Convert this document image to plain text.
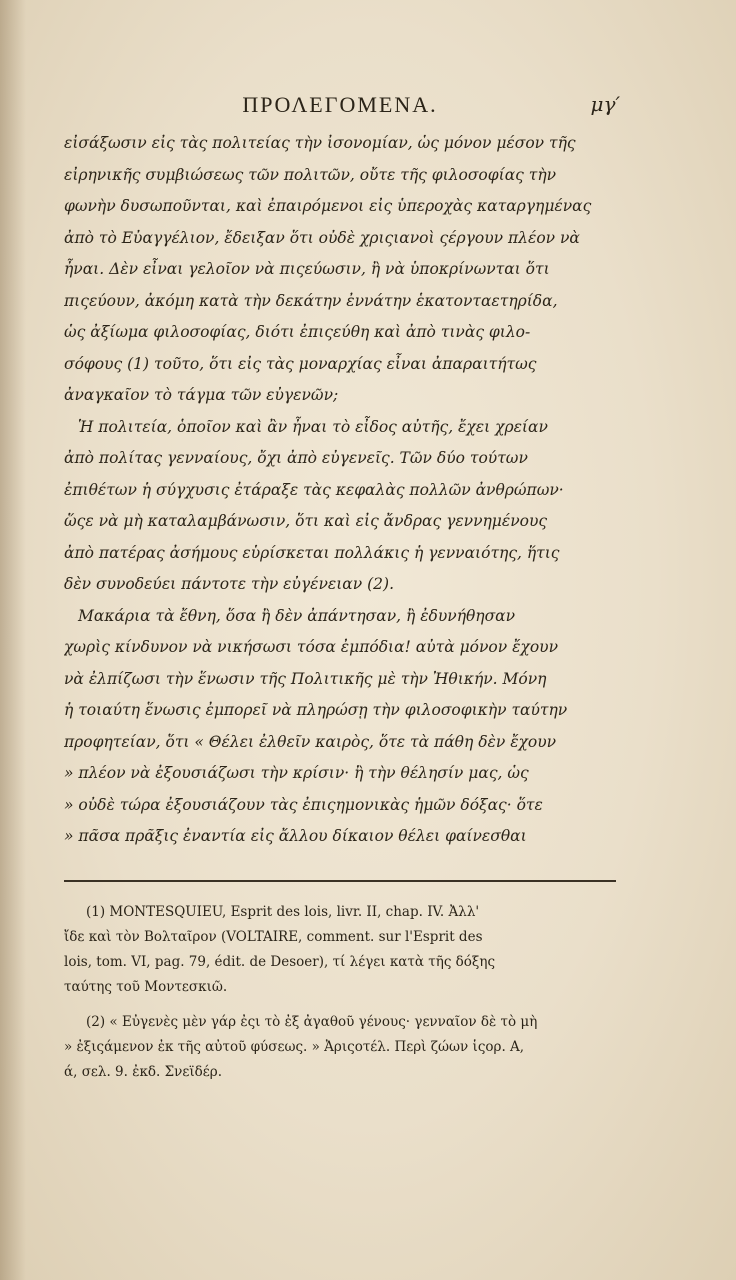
ΠΡΟΛΕΓΟΜΕΝΑ.	μγ′
εἰσάξωσιν εἰς τὰς πολιτείας τὴν ἰσονομίαν, ὡς μόνον μέσον τῆς
εἰρηνικῆς συμβιώσεως τῶν πολιτῶν, οὔτε τῆς φιλοσοφίας τὴν
φωνὴν δυσωποῦνται, καὶ ἐπαιρόμενοι εἰς ὑπεροχὰς καταργημένας
ἀπὸ τὸ Εὐαγγέλιον, ἔδειξαν ὅτι οὐδὲ χριςιανοὶ ςέργουν πλέον νὰ
ἦναι. Δὲν εἶναι γελοῖον νὰ πιςεύωσιν, ἢ νὰ ὑποκρίνωνται ὅτι
πιςεύουν, ἀκόμη κατὰ τὴν δεκάτην ἐννάτην ἑκατονταετηρίδα,
ὡς ἀξίωμα φιλοσοφίας, διότι ἐπιςεύθη καὶ ἀπὸ τινὰς φιλο-
σόφους (1) τοῦτο, ὅτι εἰς τὰς μοναρχίας εἶναι ἀπαραιτήτως
ἀναγκαῖον τὸ τάγμα τῶν εὐγενῶν;
Ἡ πολιτεία, ὁποῖον καὶ ἂν ἦναι τὸ εἶδος αὐτῆς, ἔχει χρείαν
ἀπὸ πολίτας γενναίους, ὄχι ἀπὸ εὐγενεῖς. Τῶν δύο τούτων
ἐπιθέτων ἡ σύγχυσις ἐτάραξε τὰς κεφαλὰς πολλῶν ἀνθρώπων·
ὥςε νὰ μὴ καταλαμβάνωσιν, ὅτι καὶ εἰς ἄνδρας γεννημένους
ἀπὸ πατέρας ἀσήμους εὑρίσκεται πολλάκις ἡ γενναιότης, ἥτις
δὲν συνοδεύει πάντοτε τὴν εὐγένειαν (2).
Μακάρια τὰ ἔθνη, ὅσα ἢ δὲν ἀπάντησαν, ἢ ἐδυνήθησαν
χωρὶς κίνδυνον νὰ νικήσωσι τόσα ἐμπόδια! αὐτὰ μόνον ἔχουν
νὰ ἐλπίζωσι τὴν ἕνωσιν τῆς Πολιτικῆς μὲ τὴν Ἠθικήν. Μόνη
ἡ τοιαύτη ἕνωσις ἐμπορεῖ νὰ πληρώσῃ τὴν φιλοσοφικὴν ταύτην
προφητείαν, ὅτι « Θέλει ἐλθεῖν καιρὸς, ὅτε τὰ πάθη δὲν ἔχουν
» πλέον νὰ ἐξουσιάζωσι τὴν κρίσιν· ἢ τὴν θέλησίν μας, ὡς
» οὐδὲ τώρα ἐξουσιάζουν τὰς ἐπιςημονικὰς ἡμῶν δόξας· ὅτε
» πᾶσα πρᾶξις ἐναντία εἰς ἄλλου δίκαιον θέλει φαίνεσθαι
(1) MONTESQUIEU, Esprit des lois, livr. II, chap. IV. Ἀλλ'
ἴδε καὶ τὸν Βολταῖρον (VOLTAIRE, comment. sur l'Esprit des
lois, tom. VI, pag. 79, édit. de Desoer), τί λέγει κατὰ τῆς δόξης
ταύτης τοῦ Μοντεσκιῶ.
(2) « Εὐγενὲς μὲν γάρ ἐςι τὸ ἐξ ἀγαθοῦ γένους· γενναῖον δὲ τὸ μὴ
» ἐξιςάμενον ἐκ τῆς αὐτοῦ φύσεως. » Ἀριςοτέλ. Περὶ ζώων ἱςορ. Α,
ά, σελ. 9. ἐκδ. Σνεϊδέρ.
